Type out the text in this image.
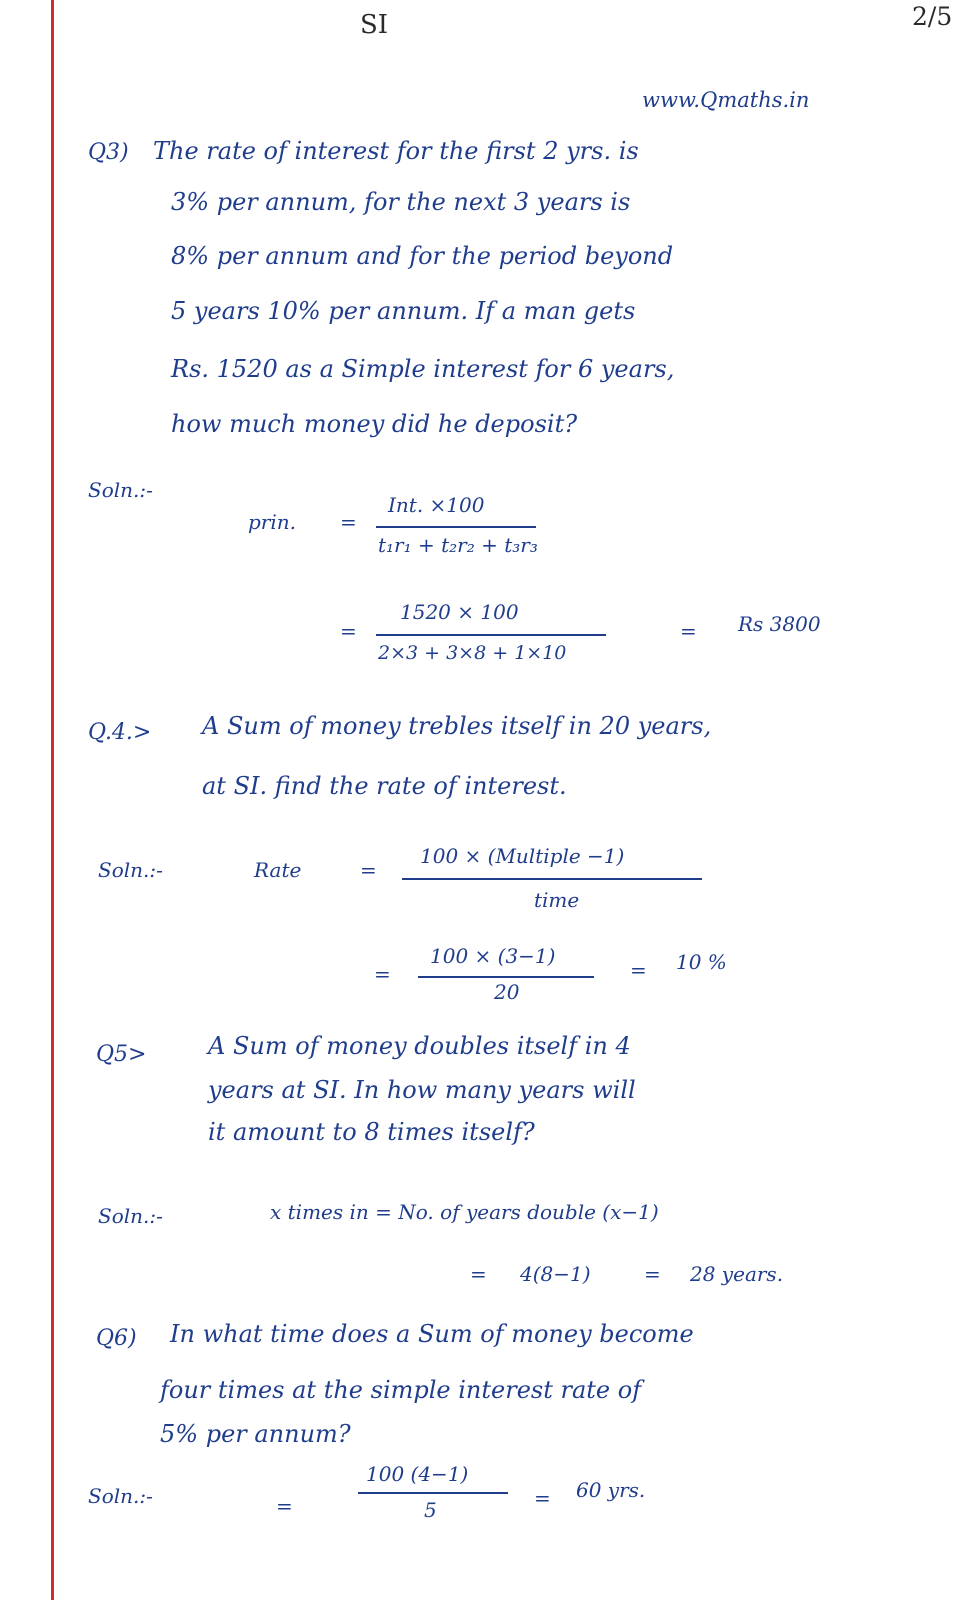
SI	2/5
www.Qmaths.in
Q3) The rate of interest for the first 2 yrs. is
3% per annum, for the next 3 years is
8% per annum and for the period beyond
5 years 10% per annum. If a man gets
Rs. 1520 as a Simple interest for 6 years,
how much money did he deposit?
Soln.:-
prin. =
Int. ×100
t₁r₁ + t₂r₂ + t₃r₃
=
1520 × 100
2×3 + 3×8 + 1×10
= Rs 3800
Q.4.> A Sum of money trebles itself in 20 years,
at SI. find the rate of interest.
Soln.:-	Rate	=
100 × (Multiple −1)
time
=
100 × (3−1)
20
= 10 %
Q5>	A Sum of money doubles itself in 4
years at SI. In how many years will
it amount to 8 times itself?
Soln.:-	x times in = No. of years double (x−1)
= 4(8−1)	= 28 years.
Q6) In what time does a Sum of money become
four times at the simple interest rate of
5% per annum?
Soln.:-	=
100 (4−1)
5	= 60 yrs.
